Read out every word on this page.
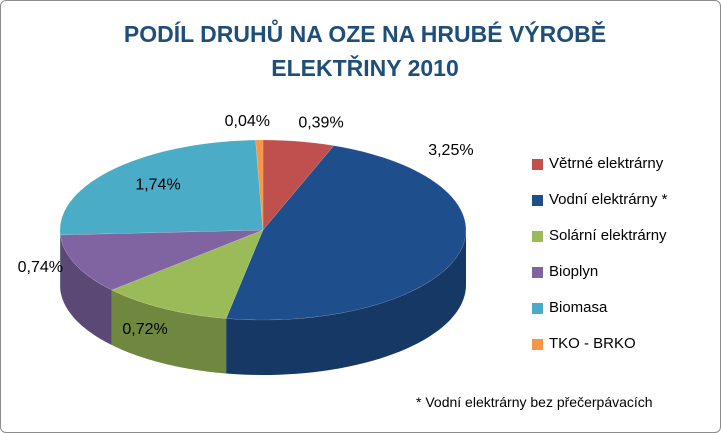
PODÍL DRUHŮ NA OZE NA HRUBÉ VÝROBĚ
ELEKTŘINY 2010
0,39%
3,25%
0,72%
0,74%
1,74%
0,04%
Větrné elektrárny
Vodní elektrárny *
Solární elektrárny
Bioplyn
Biomasa
TKO - BRKO
* Vodní elektrárny bez přečerpávacích
